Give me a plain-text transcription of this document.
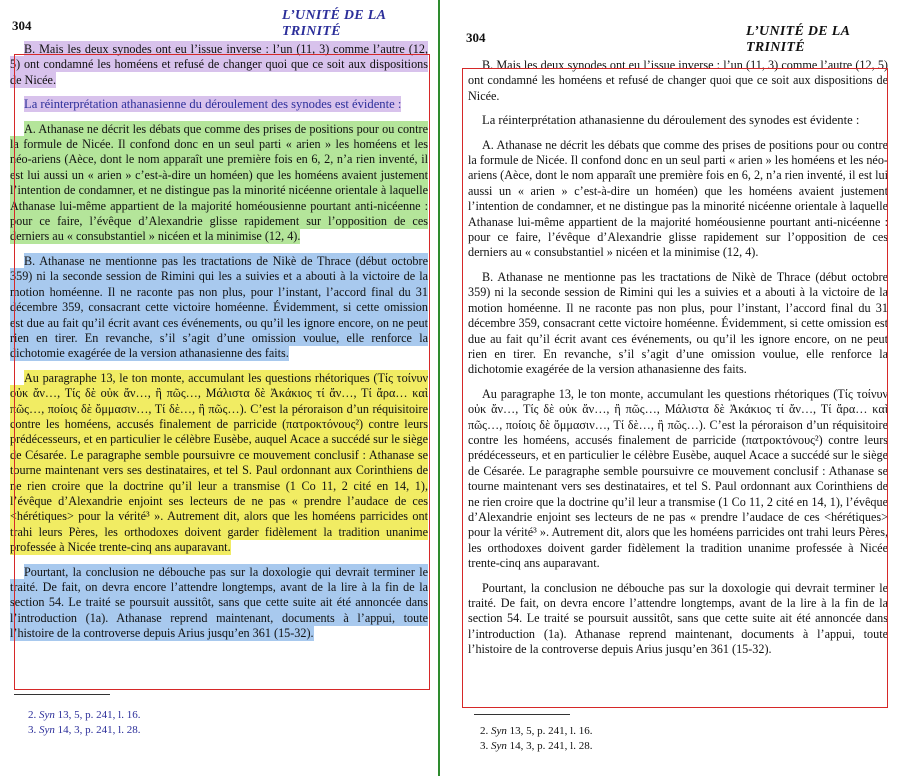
304
L’UNITÉ DE LA TRINITÉ

B. Mais les deux synodes ont eu l’issue inverse : l’un (11, 3) comme l’autre (12, 5) ont condamné les homéens et refusé de changer quoi que ce soit aux dispositions de Nicée.

La réinterprétation athanasienne du déroulement des synodes est évidente :

A. Athanase ne décrit les débats que comme des prises de positions pour ou contre la formule de Nicée. Il confond donc en un seul parti « arien » les homéens et les néo-ariens (Aèce, dont le nom apparaît une première fois en 6, 2, n’a rien inventé, il est lui aussi un « arien » c’est-à-dire un homéen) que les homéens avaient justement l’intention de condamner, et ne distingue pas la minorité nicéenne orientale à laquelle Athanase lui-même appartient de la majorité homéousienne pourtant anti-nicéenne : pour ce faire, l’évêque d’Alexandrie glisse rapidement sur l’opposition de ces derniers au « consubstantiel » nicéen et la minimise (12, 4).

B. Athanase ne mentionne pas les tractations de Nikè de Thrace (début octobre 359) ni la seconde session de Rimini qui les a suivies et a abouti à la victoire de la motion homéenne. Il ne raconte pas non plus, pour l’instant, l’accord final du 31 décembre 359, consacrant cette victoire homéenne. Évidemment, si cette omission est due au fait qu’il écrit avant ces événements, ou qu’il les ignore encore, on ne peut rien en tirer. En revanche, s’il s’agit d’une omission voulue, elle renforce la dichotomie exagérée de la version athanasienne des faits.

Au paragraphe 13, le ton monte, accumulant les questions rhétoriques (Τίς τοίνυν οὐκ ἄν…, Τίς δὲ οὐκ ἄν…, ἢ πῶς…, Μάλιστα δὲ Ἀκάκιος τί ἄν…, Τί ἄρα… καὶ πῶς…, ποίοις δὲ ὄμμασιν…, Τί δὲ…, ἢ πῶς…). C’est la péroraison d’un réquisitoire contre les homéens, accusés finalement de parricide (πατροκτόνους²) contre leurs prédécesseurs, et en particulier le célèbre Eusèbe, auquel Acace a succédé sur le siège de Césarée. Le paragraphe semble poursuivre ce mouvement conclusif : Athanase se tourne maintenant vers ses destinataires, et tel S. Paul ordonnant aux Corinthiens de ne rien croire que la doctrine qu’il leur a transmise (1 Co 11, 2 cité en 14, 1), l’évêque d’Alexandrie enjoint ses lecteurs de ne pas « prendre l’audace de ces <hérétiques> pour la vérité³ ». Autrement dit, alors que les homéens parricides ont trahi leurs Pères, les orthodoxes doivent garder fidèlement la tradition unanime professée à Nicée trente-cinq ans auparavant.

Pourtant, la conclusion ne débouche pas sur la doxologie qui devrait terminer le traité. De fait, on devra encore l’attendre longtemps, avant de la lire à la fin de la section 54. Le traité se poursuit aussitôt, sans que cette suite ait été annoncée dans l’introduction (1a). Athanase reprend maintenant, documents à l’appui, toute l’histoire de la controverse depuis Arius jusqu’en 361 (15-32).

2. Syn 13, 5, p. 241, l. 16.
3. Syn 14, 3, p. 241, l. 28.
304	L’UNITÉ DE LA TRINITÉ

B. Mais les deux synodes ont eu l’issue inverse : l’un (11, 3) comme l’autre (12, 5) ont condamné les homéens et refusé de changer quoi que ce soit aux dispositions de Nicée.

La réinterprétation athanasienne du déroulement des synodes est évidente :

A. Athanase ne décrit les débats que comme des prises de positions pour ou contre la formule de Nicée. Il confond donc en un seul parti « arien » les homéens et les néo-ariens (Aèce, dont le nom apparaît une première fois en 6, 2, n’a rien inventé, il est lui aussi un « arien » c’est-à-dire un homéen) que les homéens avaient justement l’intention de condamner, et ne distingue pas la minorité nicéenne orientale à laquelle Athanase lui-même appartient de la majorité homéousienne pourtant anti-nicéenne : pour ce faire, l’évêque d’Alexandrie glisse rapidement sur l’opposition de ces derniers au « consubstantiel » nicéen et la minimise (12, 4).

B. Athanase ne mentionne pas les tractations de Nikè de Thrace (début octobre 359) ni la seconde session de Rimini qui les a suivies et a abouti à la victoire de la motion homéenne. Il ne raconte pas non plus, pour l’instant, l’accord final du 31 décembre 359, consacrant cette victoire homéenne. Évidemment, si cette omission est due au fait qu’il écrit avant ces événements, ou qu’il les ignore encore, on ne peut rien en tirer. En revanche, s’il s’agit d’une omission voulue, elle renforce la dichotomie exagérée de la version athanasienne des faits.

Au paragraphe 13, le ton monte, accumulant les questions rhétoriques (Τίς τοίνυν οὐκ ἄν…, Τίς δὲ οὐκ ἄν…, ἢ πῶς…, Μάλιστα δὲ Ἀκάκιος τί ἄν…, Τί ἄρα… καὶ πῶς…, ποίοις δὲ ὄμμασιν…, Τί δὲ…, ἢ πῶς…). C’est la péroraison d’un réquisitoire contre les homéens, accusés finalement de parricide (πατροκτόνους²) contre leurs prédécesseurs, et en particulier le célèbre Eusèbe, auquel Acace a succédé sur le siège de Césarée. Le paragraphe semble poursuivre ce mouvement conclusif : Athanase se tourne maintenant vers ses destinataires, et tel S. Paul ordonnant aux Corinthiens de ne rien croire que la doctrine qu’il leur a transmise (1 Co 11, 2 cité en 14, 1), l’évêque d’Alexandrie enjoint ses lecteurs de ne pas « prendre l’audace de ces <hérétiques> pour la vérité³ ». Autrement dit, alors que les homéens parricides ont trahi leurs Pères, les orthodoxes doivent garder fidèlement la tradition unanime professée à Nicée trente-cinq ans auparavant.

Pourtant, la conclusion ne débouche pas sur la doxologie qui devrait terminer le traité. De fait, on devra encore l’attendre longtemps, avant de la lire à la fin de la section 54. Le traité se poursuit aussitôt, sans que cette suite ait été annoncée dans l’introduction (1a). Athanase reprend maintenant, documents à l’appui, toute l’histoire de la controverse depuis Arius jusqu’en 361 (15-32).

2. Syn 13, 5, p. 241, l. 16.
3. Syn 14, 3, p. 241, l. 28.
